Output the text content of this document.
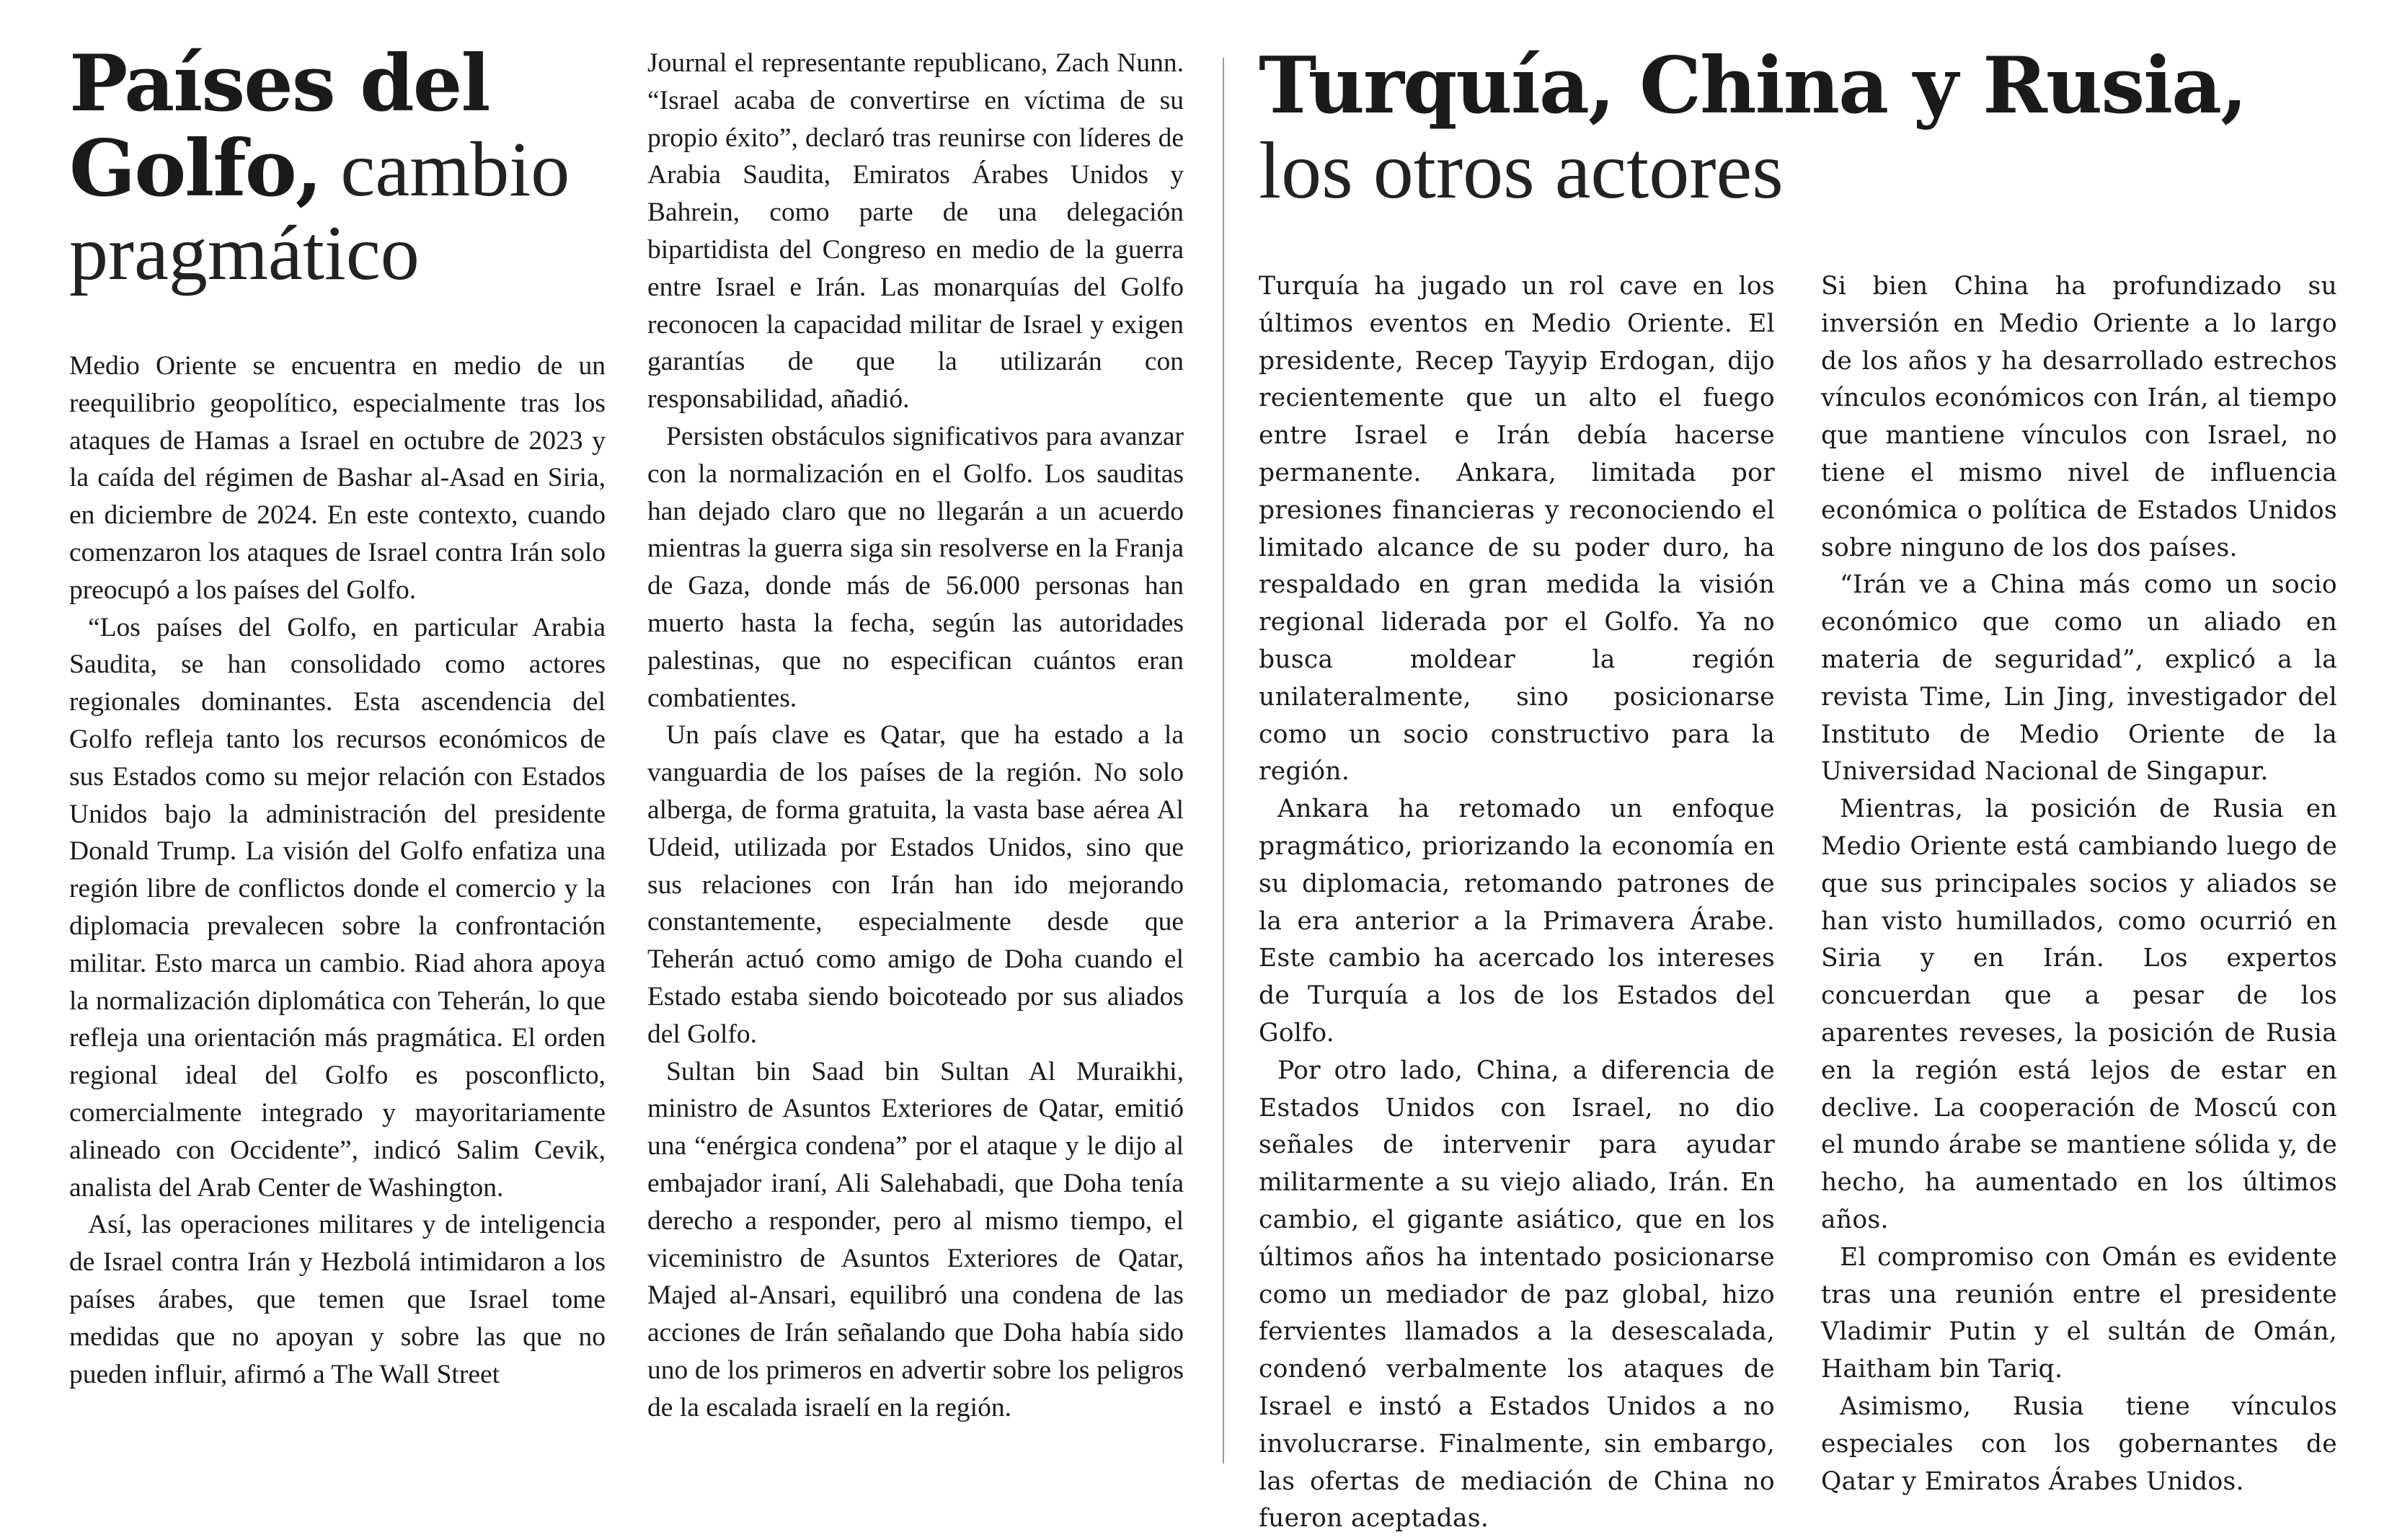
Países del Golfo, cambio pragmático

Medio Oriente se encuentra en medio de un reequilibrio geopolítico, especialmente tras los ataques de Hamas a Israel en octubre de 2023 y la caída del régimen de Bashar al-Asad en Siria, en diciembre de 2024. En este contexto, cuando comenzaron los ataques de Israel contra Irán solo preocupó a los países del Golfo.

“Los países del Golfo, en particular Arabia Saudita, se han consolidado como actores regionales dominantes. Esta ascendencia del Golfo refleja tanto los recursos económicos de sus Estados como su mejor relación con Estados Unidos bajo la administración del presidente Donald Trump. La visión del Golfo enfatiza una región libre de conflictos donde el comercio y la diplomacia prevalecen sobre la confrontación militar. Esto marca un cambio. Riad ahora apoya la normalización diplomática con Teherán, lo que refleja una orientación más pragmática. El orden regional ideal del Golfo es posconflicto, comercialmente integrado y mayoritariamente alineado con Occidente”, indicó Salim Cevik, analista del Arab Center de Washington.

Así, las operaciones militares y de inteligencia de Israel contra Irán y Hezbolá intimidaron a los países árabes, que temen que Israel tome medidas que no apoyan y sobre las que no pueden influir, afirmó a The Wall Street

Journal el representante republicano, Zach Nunn. “Israel acaba de convertirse en víctima de su propio éxito”, declaró tras reunirse con líderes de Arabia Saudita, Emiratos Árabes Unidos y Bahrein, como parte de una delegación bipartidista del Congreso en medio de la guerra entre Israel e Irán. Las monarquías del Golfo reconocen la capacidad militar de Israel y exigen garantías de que la utilizarán con responsabilidad, añadió.

Persisten obstáculos significativos para avanzar con la normalización en el Golfo. Los sauditas han dejado claro que no llegarán a un acuerdo mientras la guerra siga sin resolverse en la Franja de Gaza, donde más de 56.000 personas han muerto hasta la fecha, según las autoridades palestinas, que no especifican cuántos eran combatientes.

Un país clave es Qatar, que ha estado a la vanguardia de los países de la región. No solo alberga, de forma gratuita, la vasta base aérea Al Udeid, utilizada por Estados Unidos, sino que sus relaciones con Irán han ido mejorando constantemente, especialmente desde que Teherán actuó como amigo de Doha cuando el Estado estaba siendo boicoteado por sus aliados del Golfo.

Sultan bin Saad bin Sultan Al Muraikhi, ministro de Asuntos Exteriores de Qatar, emitió una “enérgica condena” por el ataque y le dijo al embajador iraní, Ali Salehabadi, que Doha tenía derecho a responder, pero al mismo tiempo, el viceministro de Asuntos Exteriores de Qatar, Majed al-Ansari, equilibró una condena de las acciones de Irán señalando que Doha había sido uno de los primeros en advertir sobre los peligros de la escalada israelí en la región.

Turquía, China y Rusia,
los otros actores

Turquía ha jugado un rol cave en los últimos eventos en Medio Oriente. El presidente, Recep Tayyip Erdogan, dijo recientemente que un alto el fuego entre Israel e Irán debía hacerse permanente. Ankara, limitada por presiones financieras y reconociendo el limitado alcance de su poder duro, ha respaldado en gran medida la visión regional liderada por el Golfo. Ya no busca moldear la región unilateralmente, sino posicionarse como un socio constructivo para la región.

Ankara ha retomado un enfoque pragmático, priorizando la economía en su diplomacia, retomando patrones de la era anterior a la Primavera Árabe. Este cambio ha acercado los intereses de Turquía a los de los Estados del Golfo.

Por otro lado, China, a diferencia de Estados Unidos con Israel, no dio señales de intervenir para ayudar militarmente a su viejo aliado, Irán. En cambio, el gigante asiático, que en los últimos años ha intentado posicionarse como un mediador de paz global, hizo fervientes llamados a la desescalada, condenó verbalmente los ataques de Israel e instó a Estados Unidos a no involucrarse. Finalmente, sin embargo, las ofertas de mediación de China no fueron aceptadas.

Si bien China ha profundizado su inversión en Medio Oriente a lo largo de los años y ha desarrollado estrechos vínculos económicos con Irán, al tiempo que mantiene vínculos con Israel, no tiene el mismo nivel de influencia económica o política de Estados Unidos sobre ninguno de los dos países.

“Irán ve a China más como un socio económico que como un aliado en materia de seguridad”, explicó a la revista Time, Lin Jing, investigador del Instituto de Medio Oriente de la Universidad Nacional de Singapur.

Mientras, la posición de Rusia en Medio Oriente está cambiando luego de que sus principales socios y aliados se han visto humillados, como ocurrió en Siria y en Irán. Los expertos concuerdan que a pesar de los aparentes reveses, la posición de Rusia en la región está lejos de estar en declive. La cooperación de Moscú con el mundo árabe se mantiene sólida y, de hecho, ha aumentado en los últimos años.

El compromiso con Omán es evidente tras una reunión entre el presidente Vladimir Putin y el sultán de Omán, Haitham bin Tariq.

Asimismo, Rusia tiene vínculos especiales con los gobernantes de Qatar y Emiratos Árabes Unidos.
